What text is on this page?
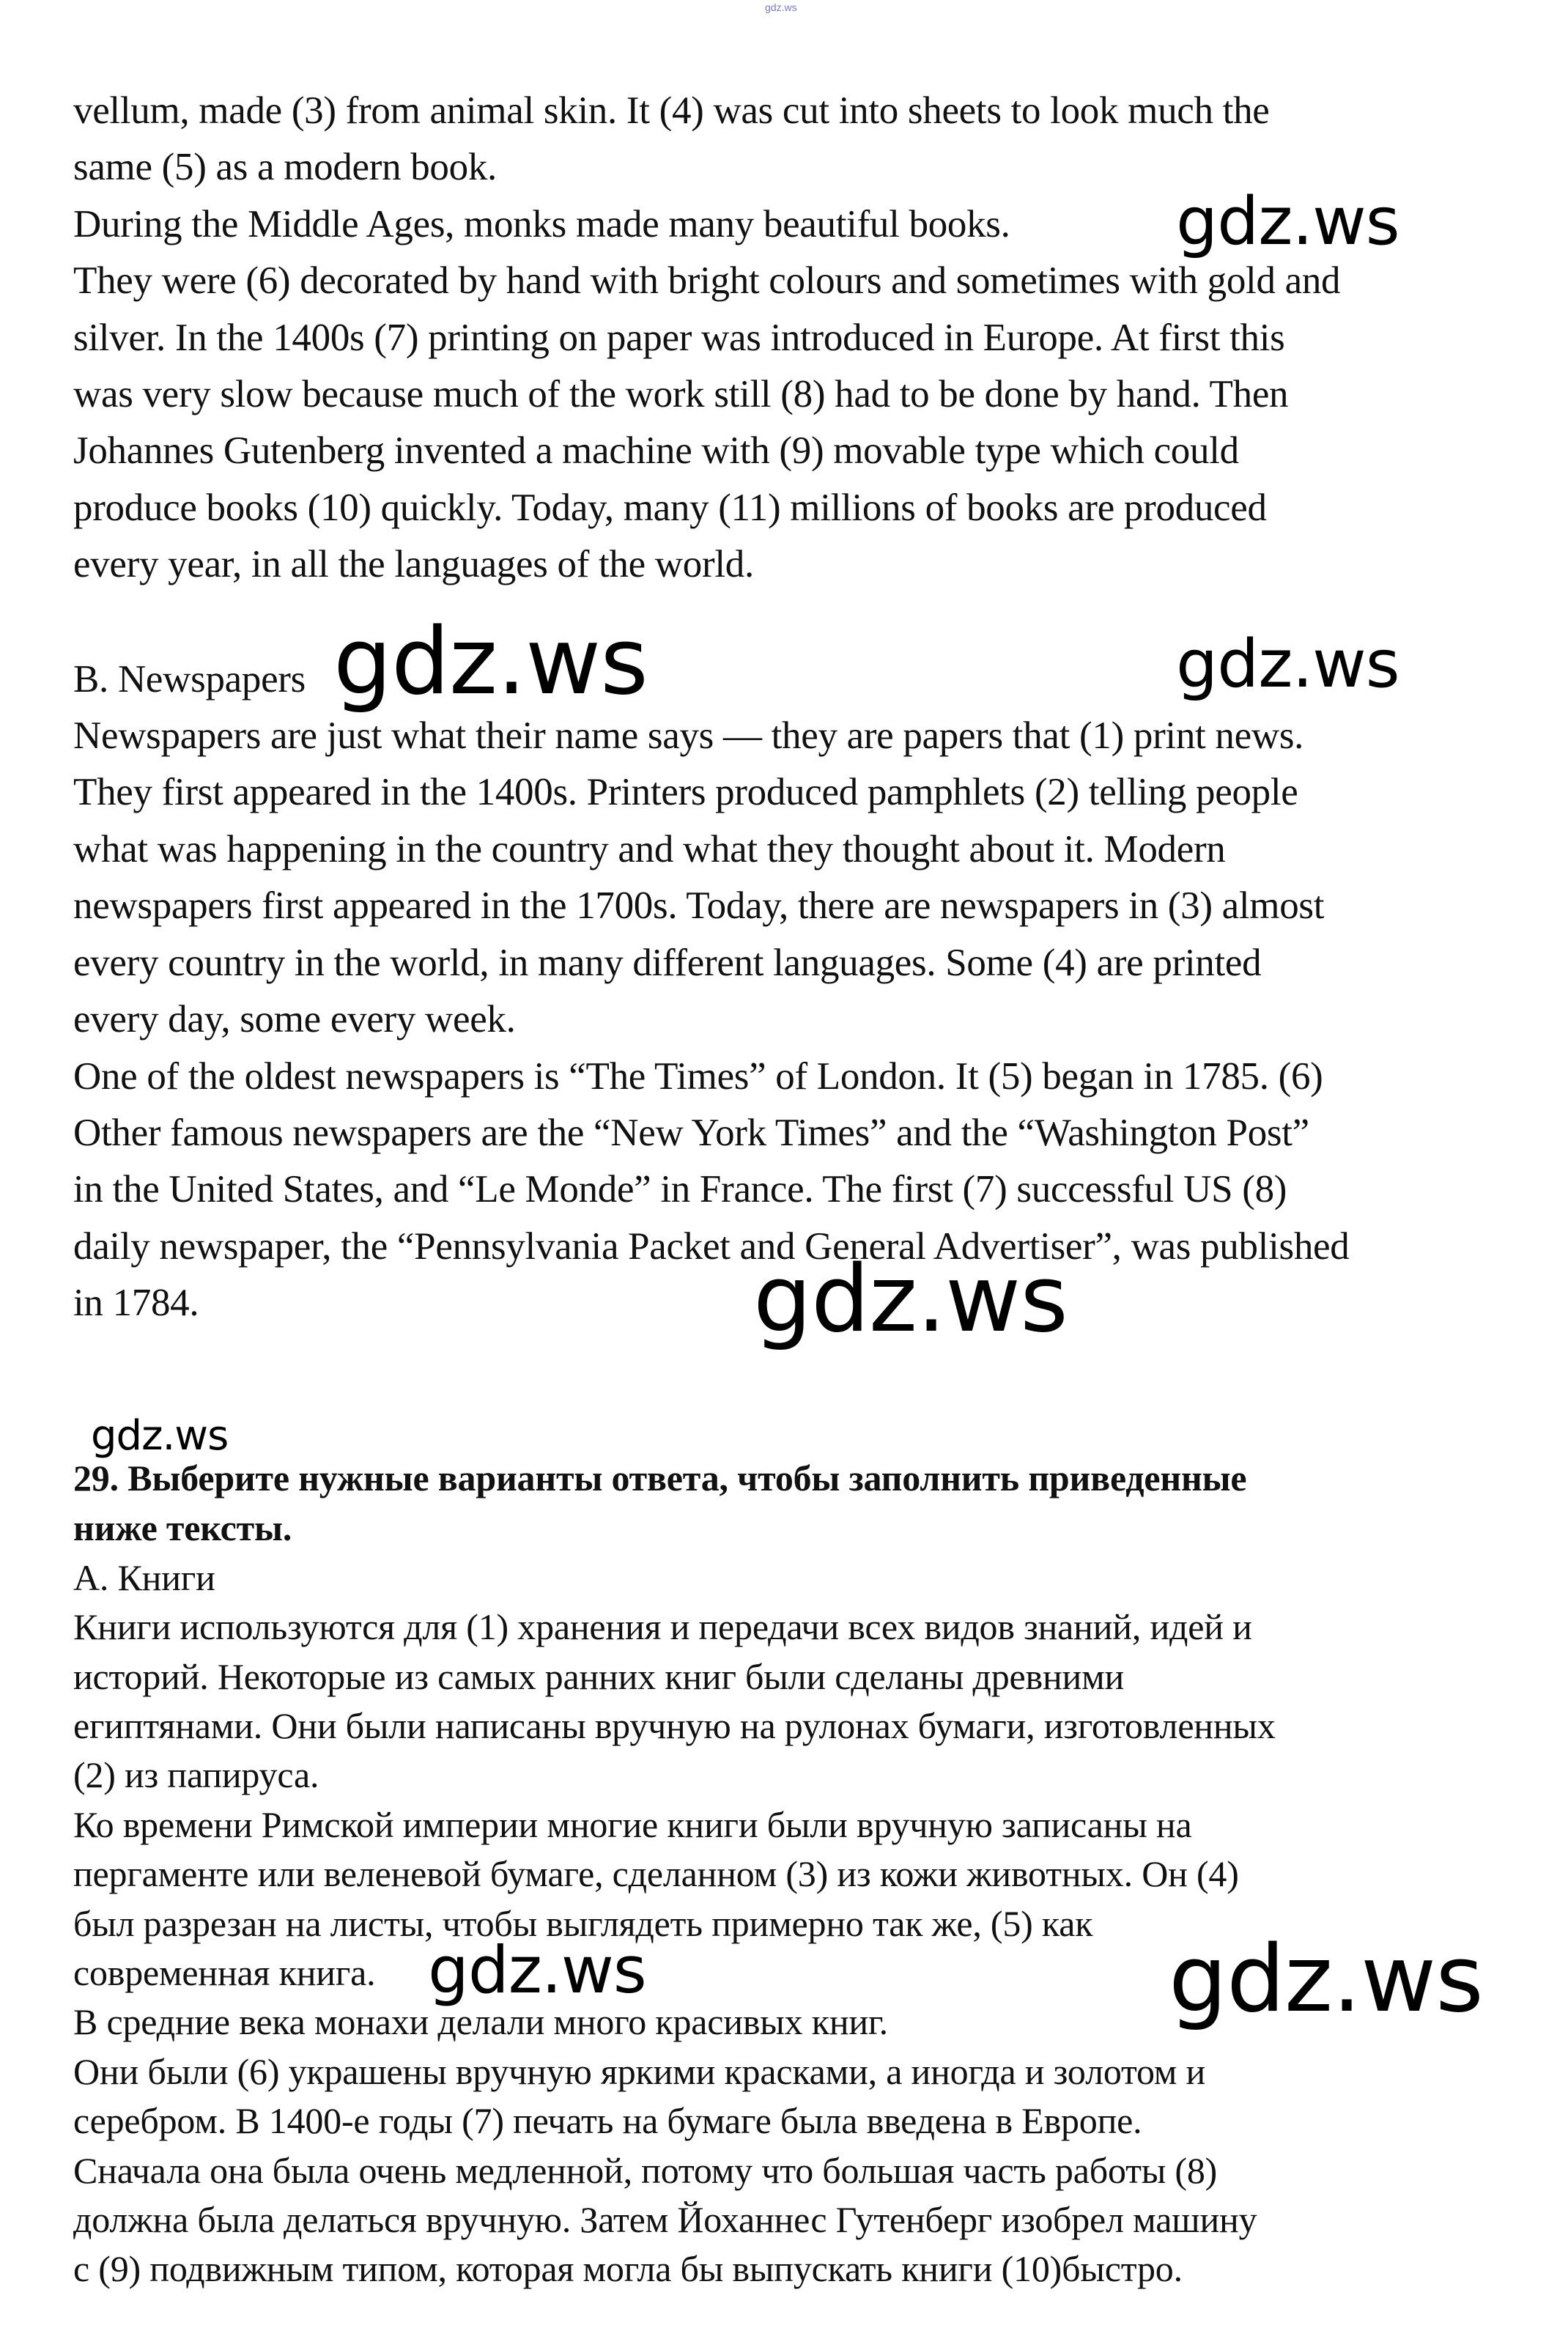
gdz.ws
vellum, made (3) from animal skin. It (4) was cut into sheets to look much the
same (5) as a modern book.
During the Middle Ages, monks made many beautiful books.
They were (6) decorated by hand with bright colours and sometimes with gold and
silver. In the 1400s (7) printing on paper was introduced in Europe. At first this
was very slow because much of the work still (8) had to be done by hand. Then
Johannes Gutenberg invented a machine with (9) movable type which could
produce books (10) quickly. Today, many (11) millions of books are produced
every year, in all the languages of the world.
B. Newspapers
Newspapers are just what their name says — they are papers that (1) print news.
They first appeared in the 1400s. Printers produced pamphlets (2) telling people
what was happening in the country and what they thought about it. Modern
newspapers first appeared in the 1700s. Today, there are newspapers in (3) almost
every country in the world, in many different languages. Some (4) are printed
every day, some every week.
One of the oldest newspapers is “The Times” of London. It (5) began in 1785. (6)
Other famous newspapers are the “New York Times” and the “Washington Post”
in the United States, and “Le Monde” in France. The first (7) successful US (8)
daily newspaper, the “Pennsylvania Packet and General Advertiser”, was published
in 1784.
29. Выберите нужные варианты ответа, чтобы заполнить приведенные
ниже тексты.
А. Книги
Книги используются для (1) хранения и передачи всех видов знаний, идей и
историй. Некоторые из самых ранних книг были сделаны древними
египтянами. Они были написаны вручную на рулонах бумаги, изготовленных
(2) из папируса.
Ко времени Римской империи многие книги были вручную записаны на
пергаменте или веленевой бумаге, сделанном (3) из кожи животных. Он (4)
был разрезан на листы, чтобы выглядеть примерно так же, (5) как
современная книга.
В средние века монахи делали много красивых книг.
Они были (6) украшены вручную яркими красками, а иногда и золотом и
серебром. В 1400-е годы (7) печать на бумаге была введена в Европе.
Сначала она была очень медленной, потому что большая часть работы (8)
должна была делаться вручную. Затем Йоханнес Гутенберг изобрел машину
с (9) подвижным типом, которая могла бы выпускать книги (10)быстро.
gdz.ws
gdz.ws	gdz.ws
gdz.ws
gdz.ws
gdz.ws	gdz.ws
